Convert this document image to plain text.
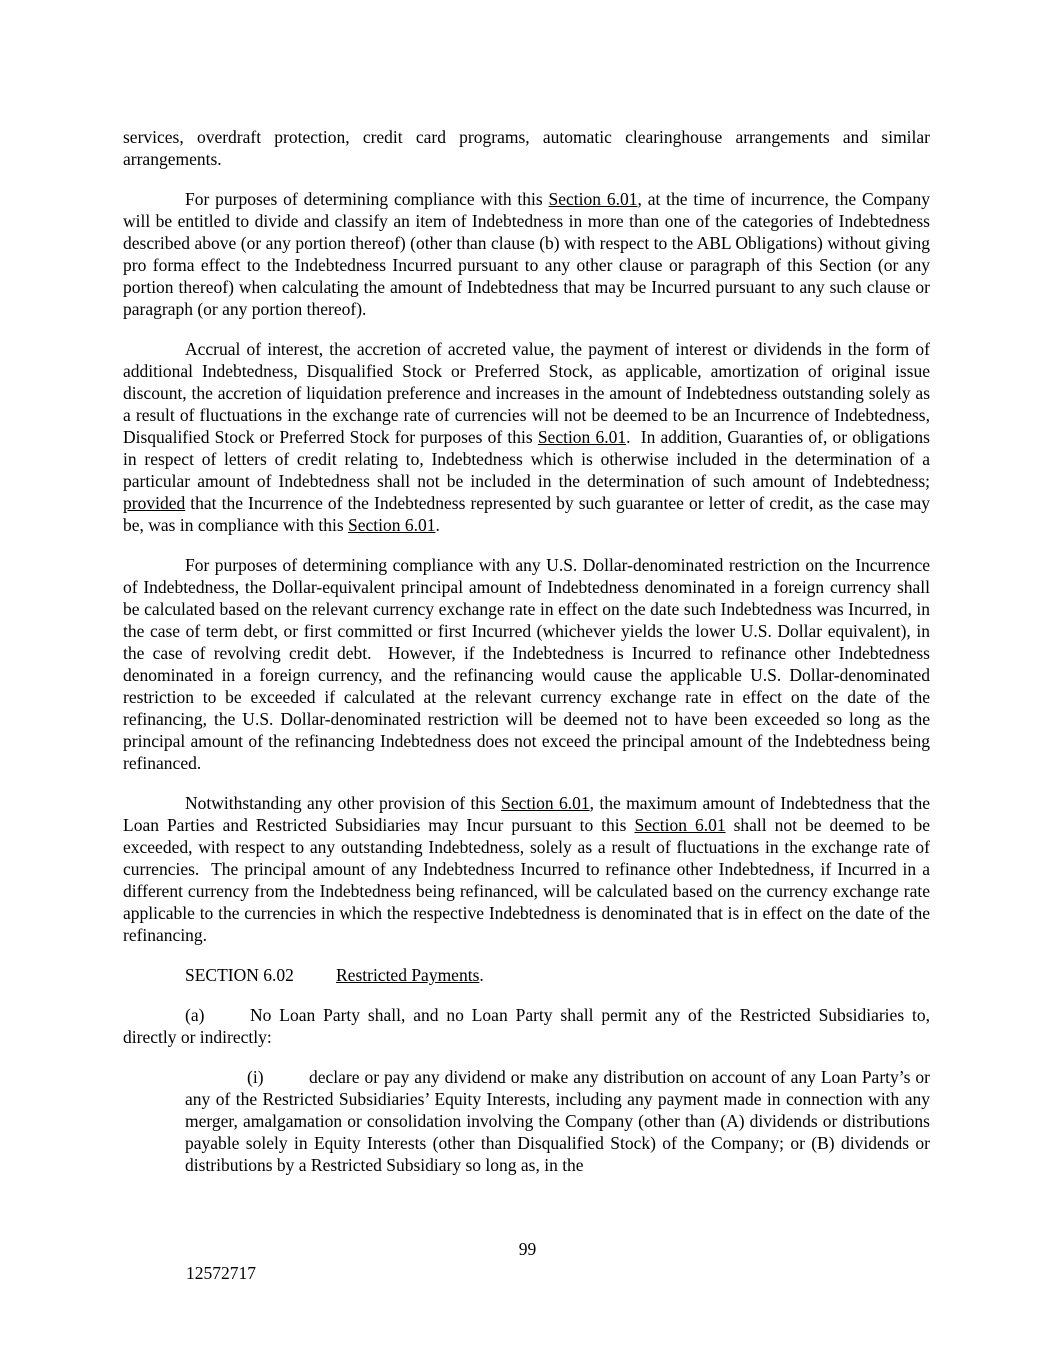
services, overdraft protection, credit card programs, automatic clearinghouse arrangements and similar arrangements.
For purposes of determining compliance with this Section 6.01, at the time of incurrence, the Company will be entitled to divide and classify an item of Indebtedness in more than one of the categories of Indebtedness described above (or any portion thereof) (other than clause (b) with respect to the ABL Obligations) without giving pro forma effect to the Indebtedness Incurred pursuant to any other clause or paragraph of this Section (or any portion thereof) when calculating the amount of Indebtedness that may be Incurred pursuant to any such clause or paragraph (or any portion thereof).
Accrual of interest, the accretion of accreted value, the payment of interest or dividends in the form of additional Indebtedness, Disqualified Stock or Preferred Stock, as applicable, amortization of original issue discount, the accretion of liquidation preference and increases in the amount of Indebtedness outstanding solely as a result of fluctuations in the exchange rate of currencies will not be deemed to be an Incurrence of Indebtedness, Disqualified Stock or Preferred Stock for purposes of this Section 6.01.  In addition, Guaranties of, or obligations in respect of letters of credit relating to, Indebtedness which is otherwise included in the determination of a particular amount of Indebtedness shall not be included in the determination of such amount of Indebtedness; provided that the Incurrence of the Indebtedness represented by such guarantee or letter of credit, as the case may be, was in compliance with this Section 6.01.
For purposes of determining compliance with any U.S. Dollar-denominated restriction on the Incurrence of Indebtedness, the Dollar-equivalent principal amount of Indebtedness denominated in a foreign currency shall be calculated based on the relevant currency exchange rate in effect on the date such Indebtedness was Incurred, in the case of term debt, or first committed or first Incurred (whichever yields the lower U.S. Dollar equivalent), in the case of revolving credit debt.  However, if the Indebtedness is Incurred to refinance other Indebtedness denominated in a foreign currency, and the refinancing would cause the applicable U.S. Dollar-denominated restriction to be exceeded if calculated at the relevant currency exchange rate in effect on the date of the refinancing, the U.S. Dollar-denominated restriction will be deemed not to have been exceeded so long as the principal amount of the refinancing Indebtedness does not exceed the principal amount of the Indebtedness being refinanced.
Notwithstanding any other provision of this Section 6.01, the maximum amount of Indebtedness that the Loan Parties and Restricted Subsidiaries may Incur pursuant to this Section 6.01 shall not be deemed to be exceeded, with respect to any outstanding Indebtedness, solely as a result of fluctuations in the exchange rate of currencies.  The principal amount of any Indebtedness Incurred to refinance other Indebtedness, if Incurred in a different currency from the Indebtedness being refinanced, will be calculated based on the currency exchange rate applicable to the currencies in which the respective Indebtedness is denominated that is in effect on the date of the refinancing.
SECTION 6.02 Restricted Payments.
(a)	No Loan Party shall, and no Loan Party shall permit any of the Restricted Subsidiaries to, directly or indirectly:
(i)	declare or pay any dividend or make any distribution on account of any Loan Party’s or any of the Restricted Subsidiaries’ Equity Interests, including any payment made in connection with any merger, amalgamation or consolidation involving the Company (other than (A) dividends or distributions payable solely in Equity Interests (other than Disqualified Stock) of the Company; or (B) dividends or distributions by a Restricted Subsidiary so long as, in the
99
12572717
